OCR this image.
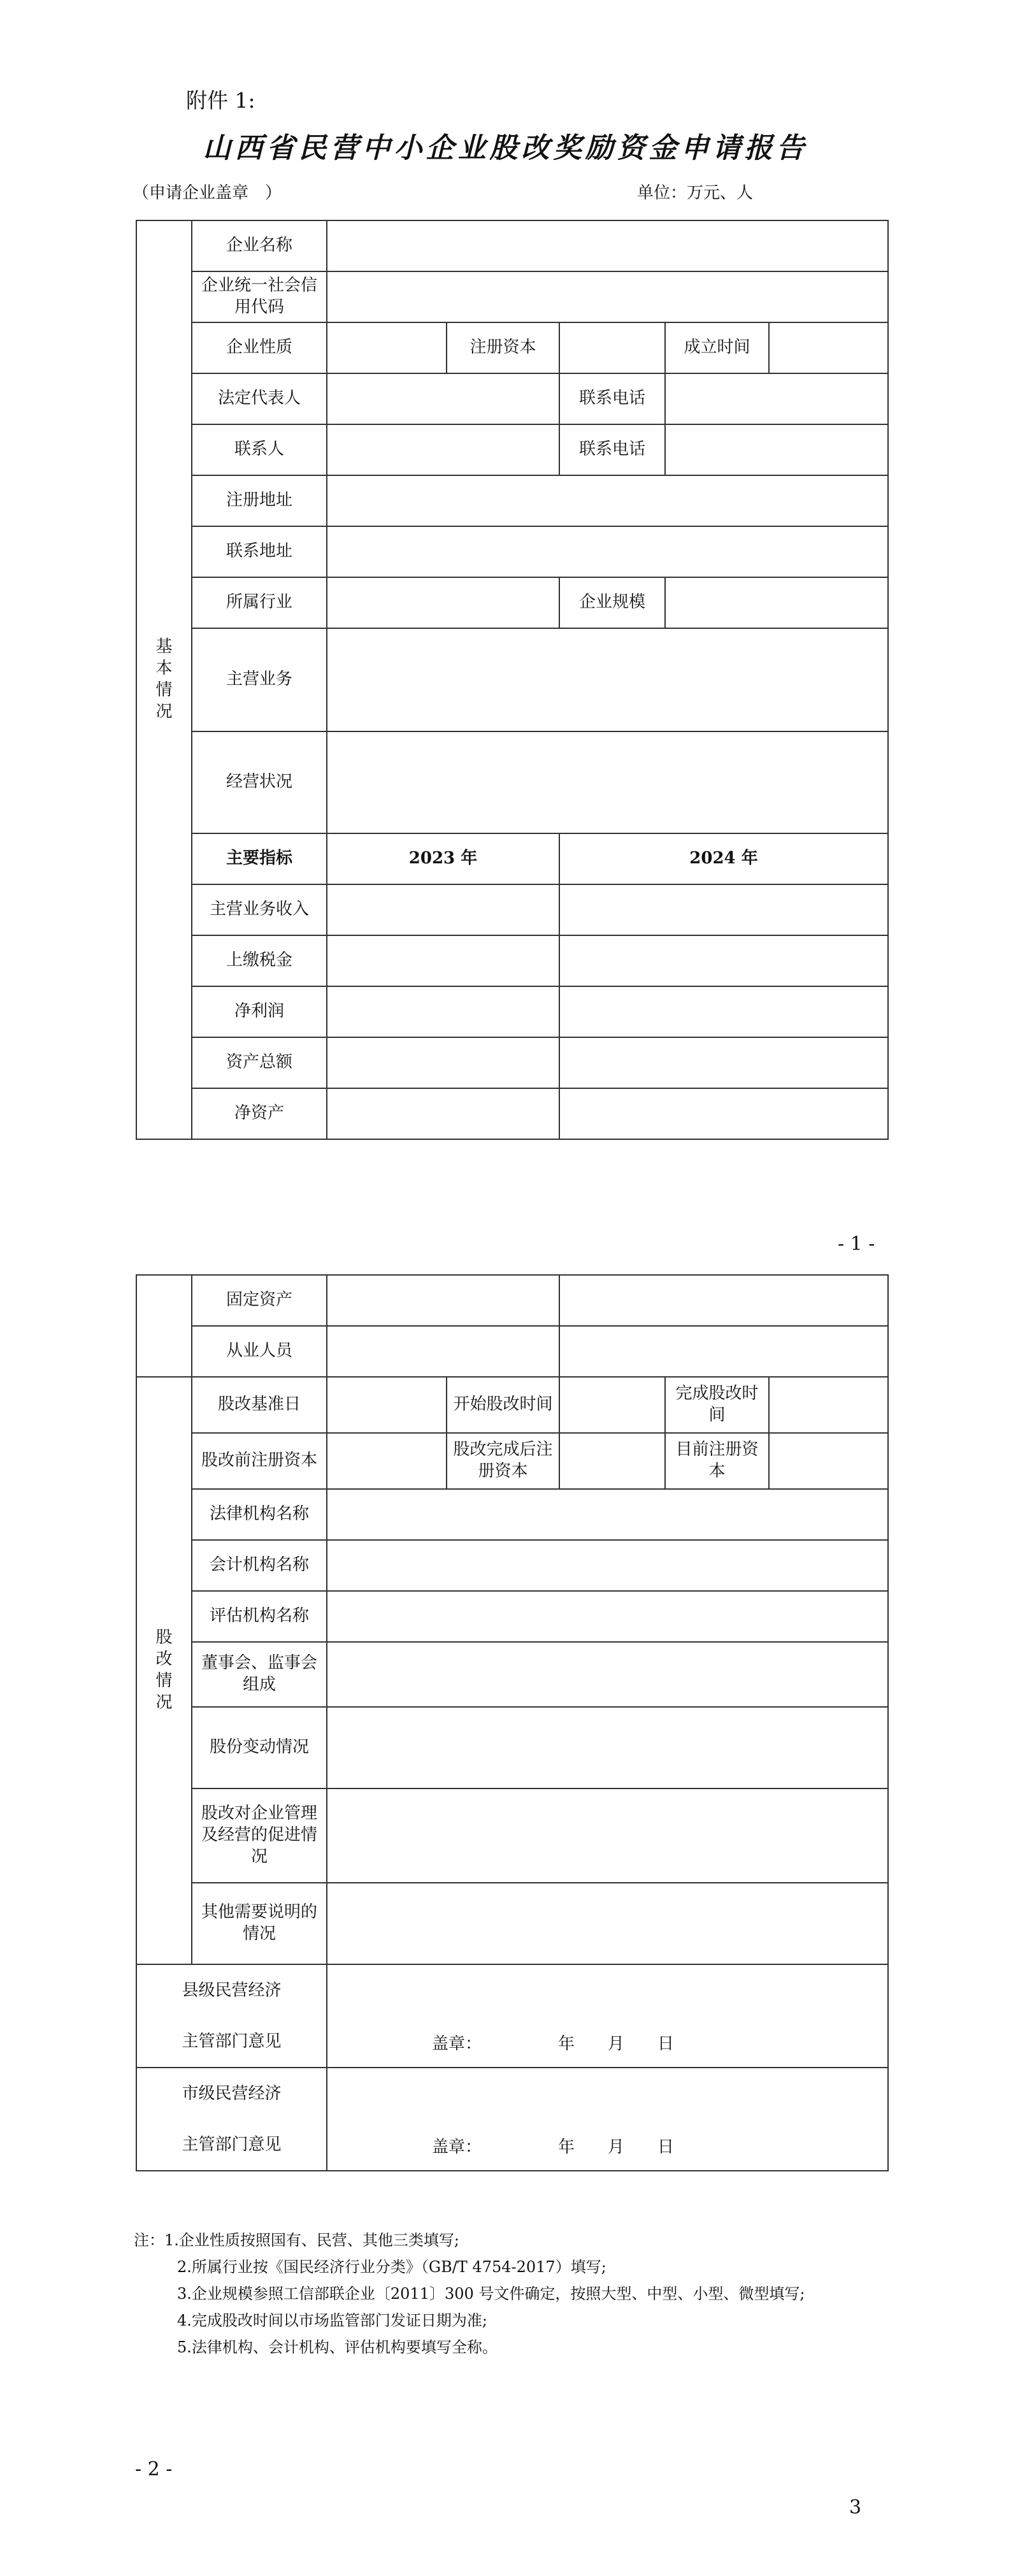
附件 1:
山西省民营中小企业股改奖励资金申请报告
（申请企业盖章　）	单位：万元、人
基
本
情
况	企业名称					
	企业统一社会信用代码					
	企业性质		注册资本		成立时间	
	法定代表人			联系电话		
	联系人			联系电话		
	注册地址					
	联系地址					
	所属行业			企业规模		
	主营业务					
	经营状况					
	主要指标	2023 年		2024 年		
	主营业务收入					
	上缴税金					
	净利润					
	资产总额					
	净资产					
- 1 -
	固定资产					
	从业人员					
股
改
情
况	股改基准日		开始股改时间		完成股改时间	
	股改前注册资本		股改完成后注册资本		目前注册资本	
	法律机构名称					
	会计机构名称					
	评估机构名称					
	董事会、监事会组成					
	股份变动情况					
	股改对企业管理及经营的促进情况					
	其他需要说明的情况					
县级民营经济
主管部门意见		盖章： 年 月 日				

市级民营经济
主管部门意见		盖章： 年 月 日				
注：1.企业性质按照国有、民营、其他三类填写;
2.所属行业按《国民经济行业分类》（GB/T 4754-2017）填写;
3.企业规模参照工信部联企业〔2011〕300 号文件确定，按照大型、中型、小型、微型填写;
4.完成股改时间以市场监管部门发证日期为准;
5.法律机构、会计机构、评估机构要填写全称。
- 2 -
3
